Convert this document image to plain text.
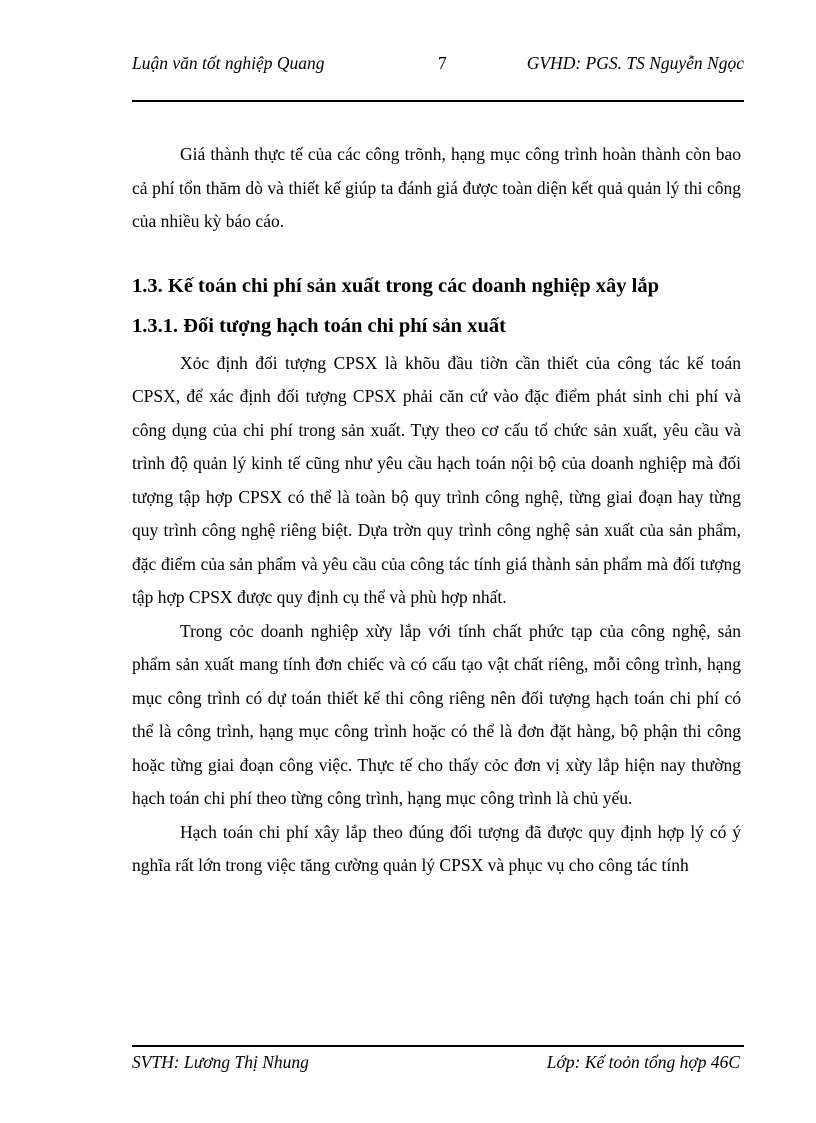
Luận văn tốt nghiệp Quang	7	GVHD: PGS. TS Nguyễn Ngọc

Giá thành thực tế của các công trõnh, hạng mục công trình hoàn thành còn bao cả phí tổn thăm dò và thiết kế giúp ta đánh giá được toàn diện kết quả quản lý thi công của nhiều kỳ báo cáo.

1.3. Kế toán chi phí sản xuất trong các doanh nghiệp xây lắp
1.3.1. Đối tượng hạch toán chi phí sản xuất

Xỏc định đối tượng CPSX là khõu đầu tiờn cần thiết của công tác kế toán CPSX, để xác định đối tượng CPSX phải căn cứ vào đặc điểm phát sinh chi phí và công dụng của chi phí trong sản xuất. Tựy theo cơ cấu tổ chức sản xuất, yêu cầu và trình độ quản lý kinh tế cũng như yêu cầu hạch toán nội bộ của doanh nghiệp mà đối tượng tập hợp CPSX có thể là toàn bộ quy trình công nghệ, từng giai đoạn hay từng quy trình công nghệ riêng biệt. Dựa trờn quy trình công nghệ sản xuất của sản phẩm, đặc điểm của sản phẩm và yêu cầu của công tác tính giá thành sản phẩm mà đối tượng tập hợp CPSX được quy định cụ thể và phù hợp nhất.

Trong cỏc doanh nghiệp xừy lắp với tính chất phức tạp của công nghệ, sản phẩm sản xuất mang tính đơn chiếc và có cấu tạo vật chất riêng, mỗi công trình, hạng mục công trình có dự toán thiết kế thi công riêng nên đối tượng hạch toán chi phí có thể là công trình, hạng mục công trình hoặc có thể là đơn đặt hàng, bộ phận thi công hoặc từng giai đoạn công việc. Thực tế cho thấy cỏc đơn vị xừy lắp hiện nay thường hạch toán chi phí theo từng công trình, hạng mục công trình là chủ yếu.

Hạch toán chi phí xây lắp theo đúng đối tượng đã được quy định hợp lý có ý nghĩa rất lớn trong việc tăng cường quản lý CPSX và phục vụ cho công tác tính

SVTH: Lương Thị Nhung	Lớp: Kế toỏn tổng hợp 46C
